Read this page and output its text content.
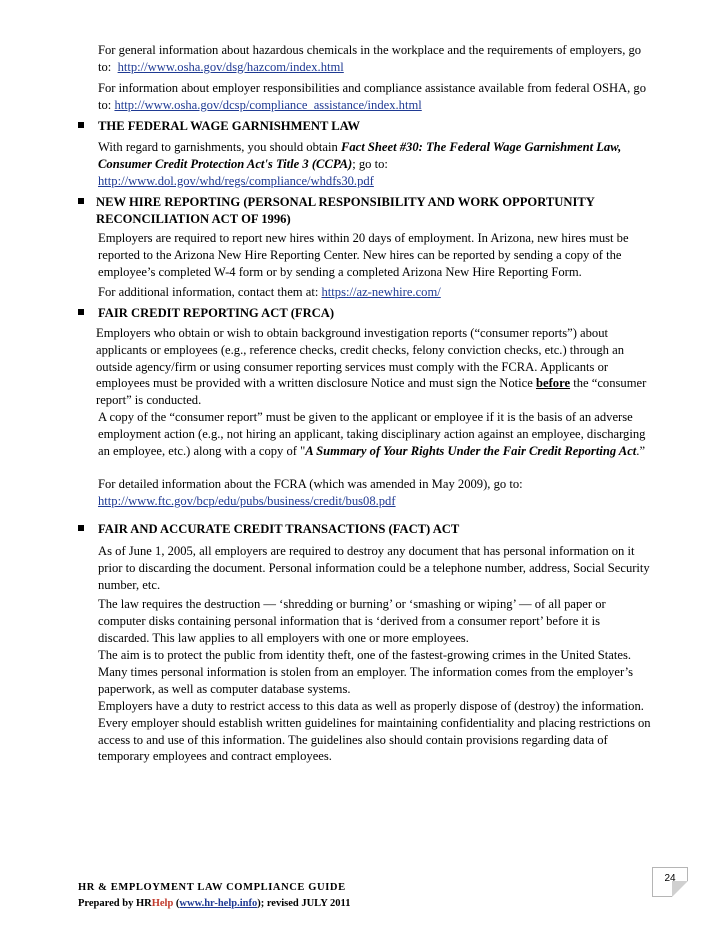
For general information about hazardous chemicals in the workplace and the requirements of employers, go to: http://www.osha.gov/dsg/hazcom/index.html

For information about employer responsibilities and compliance assistance available from federal OSHA, go to: http://www.osha.gov/dcsp/compliance_assistance/index.html

THE FEDERAL WAGE GARNISHMENT LAW

With regard to garnishments, you should obtain Fact Sheet #30: The Federal Wage Garnishment Law, Consumer Credit Protection Act's Title 3 (CCPA); go to: http://www.dol.gov/whd/regs/compliance/whdfs30.pdf

NEW HIRE REPORTING (PERSONAL RESPONSIBILITY AND WORK OPPORTUNITY RECONCILIATION ACT OF 1996)

Employers are required to report new hires within 20 days of employment. In Arizona, new hires must be reported to the Arizona New Hire Reporting Center. New hires can be reported by sending a copy of the employee’s completed W-4 form or by sending a completed Arizona New Hire Reporting Form.

For additional information, contact them at: https://az-newhire.com/

FAIR CREDIT REPORTING ACT (FRCA)

Employers who obtain or wish to obtain background investigation reports (“consumer reports”) about applicants or employees (e.g., reference checks, credit checks, felony conviction checks, etc.) through an outside agency/firm or using consumer reporting services must comply with the FCRA. Applicants or employees must be provided with a written disclosure Notice and must sign the Notice before the “consumer report” is conducted.

A copy of the “consumer report” must be given to the applicant or employee if it is the basis of an adverse employment action (e.g., not hiring an applicant, taking disciplinary action against an employee, discharging an employee, etc.) along with a copy of "A Summary of Your Rights Under the Fair Credit Reporting Act.”

For detailed information about the FCRA (which was amended in May 2009), go to: http://www.ftc.gov/bcp/edu/pubs/business/credit/bus08.pdf

FAIR AND ACCURATE CREDIT TRANSACTIONS (FACT) ACT

As of June 1, 2005, all employers are required to destroy any document that has personal information on it prior to discarding the document. Personal information could be a telephone number, address, Social Security number, etc.

The law requires the destruction — ‘shredding or burning’ or ‘smashing or wiping’ — of all paper or computer disks containing personal information that is ‘derived from a consumer report’ before it is discarded. This law applies to all employers with one or more employees.

The aim is to protect the public from identity theft, one of the fastest-growing crimes in the United States. Many times personal information is stolen from an employer. The information comes from the employer’s paperwork, as well as computer database systems.

Employers have a duty to restrict access to this data as well as properly dispose of (destroy) the information. Every employer should establish written guidelines for maintaining confidentiality and placing restrictions on access to and use of this information. The guidelines also should contain provisions regarding data of temporary employees and contract employees.

24
HR & EMPLOYMENT LAW COMPLIANCE GUIDE
Prepared by HRHelp (www.hr-help.info); revised JULY 2011
